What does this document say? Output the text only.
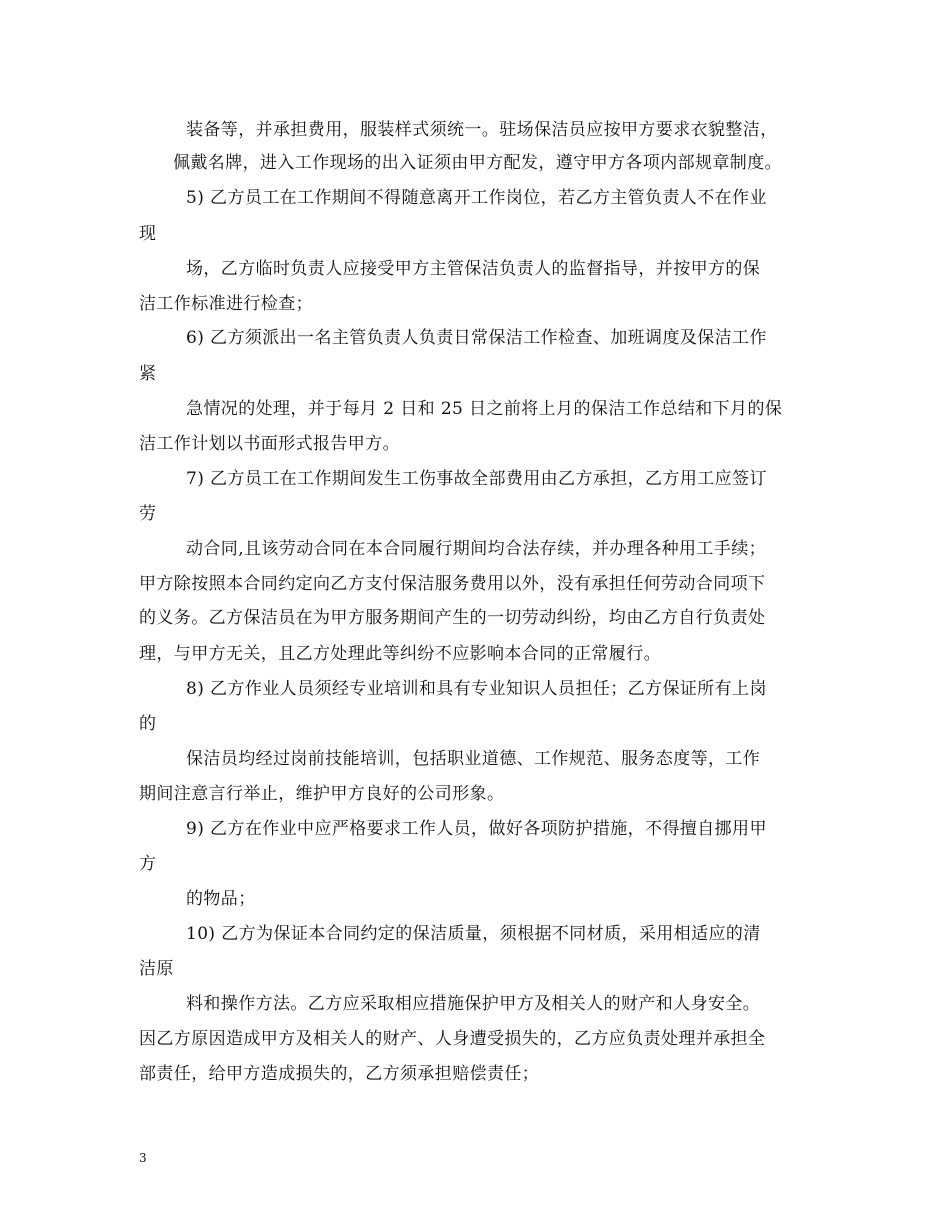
装备等，并承担费用，服装样式须统一。驻场保洁员应按甲方要求衣貌整洁，
佩戴名牌，进入工作现场的出入证须由甲方配发，遵守甲方各项内部规章制度。
5) 乙方员工在工作期间不得随意离开工作岗位，若乙方主管负责人不在作业
现
场，乙方临时负责人应接受甲方主管保洁负责人的监督指导，并按甲方的保
洁工作标准进行检查；
6) 乙方须派出一名主管负责人负责日常保洁工作检查、加班调度及保洁工作
紧
急情况的处理，并于每月 2 日和 25 日之前将上月的保洁工作总结和下月的保
洁工作计划以书面形式报告甲方。
7) 乙方员工在工作期间发生工伤事故全部费用由乙方承担，乙方用工应签订
劳
动合同,且该劳动合同在本合同履行期间均合法存续，并办理各种用工手续；
甲方除按照本合同约定向乙方支付保洁服务费用以外，没有承担任何劳动合同项下
的义务。乙方保洁员在为甲方服务期间产生的一切劳动纠纷，均由乙方自行负责处
理，与甲方无关，且乙方处理此等纠纷不应影响本合同的正常履行。
8) 乙方作业人员须经专业培训和具有专业知识人员担任；乙方保证所有上岗
的
保洁员均经过岗前技能培训，包括职业道德、工作规范、服务态度等，工作
期间注意言行举止，维护甲方良好的公司形象。
9) 乙方在作业中应严格要求工作人员，做好各项防护措施，不得擅自挪用甲
方
的物品；
10) 乙方为保证本合同约定的保洁质量，须根据不同材质，采用相适应的清
洁原
料和操作方法。乙方应采取相应措施保护甲方及相关人的财产和人身安全。
因乙方原因造成甲方及相关人的财产、人身遭受损失的，乙方应负责处理并承担全
部责任，给甲方造成损失的，乙方须承担赔偿责任；
3
